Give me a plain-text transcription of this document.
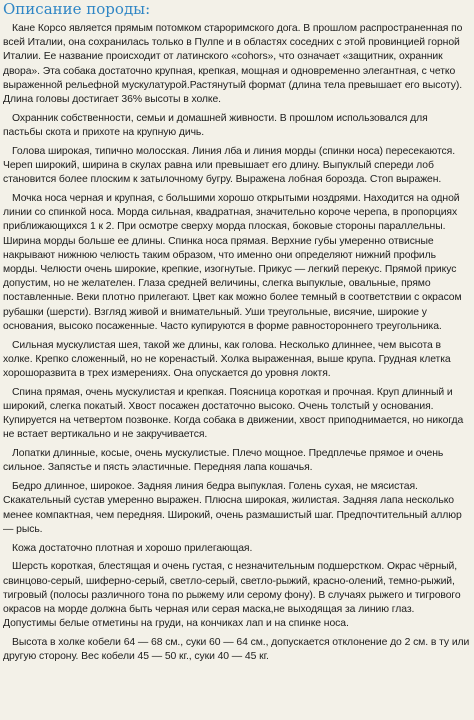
Описание породы:

Кане Корсо является прямым потомком староримского дога. В прошлом распространенная по всей Италии, она сохранилась только в Пулпе и в областях соседних с этой провинцией горной Италии. Ее название происходит от латинского «cohors», что означает «защитник, охранник двора». Эта собака достаточно крупная, крепкая, мощная и одновременно элегантная, с четко выраженной рельефной мускулатурой.Растянутый формат (длина тела превышает его высоту). Длина головы достигает 36% высоты в холке.

Охранник собственности, семьи и домашней живности. В прошлом использовался для пастьбы скота и прихоте на крупную дичь.

Голова широкая, типично молосская. Линия лба и линия морды (спинки носа) пересекаются. Череп широкий, ширина в скулах равна или превышает его длину. Выпуклый спереди лоб становится более плоским к затылочному бугру. Выражена лобная борозда. Стоп выражен.

Мочка носа черная и крупная, с большими хорошо открытыми ноздрями. Находится на одной линии со спинкой носа. Морда сильная, квадратная, значительно короче черепа, в пропорциях приближающихся 1 к 2. При осмотре сверху морда плоская, боковые стороны параллельны. Ширина морды больше ее длины. Спинка носа прямая. Верхние губы умеренно отвисные накрывают нижнюю челюсть таким образом, что именно они определяют нижний профиль морды. Челюсти очень широкие, крепкие, изогнутые. Прикус — легкий перекус. Прямой прикус допустим, но не желателен. Глаза средней величины, слегка выпуклые, овальные, прямо поставленные. Веки плотно прилегают. Цвет как можно более темный в соответствии с окрасом рубашки (шерсти). Взгляд живой и внимательный. Уши треугольные, висячие, широкие у основания, высоко посаженные. Часто купируются в форме равностороннего треугольника.

Сильная мускулистая шея, такой же длины, как голова. Несколько длиннее, чем высота в холке. Крепко сложенный, но не коренастый. Холка выраженная, выше крупа. Грудная клетка хорошоразвита в трех измерениях. Она опускается до уровня локтя.

Спина прямая, очень мускулистая и крепкая. Поясница короткая и прочная. Круп длинный и широкий, слегка покатый. Хвост посажен достаточно высоко. Очень толстый у основания. Купируется на четвертом позвонке. Когда собака в движении, хвост приподнимается, но никогда не встает вертикально и не закручивается.

Лопатки длинные, косые, очень мускулистые. Плечо мощное. Предплечье прямое и очень сильное. Запястье и пясть эластичные. Передняя лапа кошачья.

Бедро длинное, широкое. Задняя линия бедра выпуклая. Голень сухая, не мясистая. Скакательный сустав умеренно выражен. Плюсна широкая, жилистая. Задняя лапа несколько менее компактная, чем передняя. Широкий, очень размашистый шаг. Предпочтительный аллюр — рысь.

Кожа достаточно плотная и хорошо прилегающая.

Шерсть короткая, блестящая и очень густая, с незначительным подшерстком. Окрас чёрный, свинцово-серый, шиферно-серый, светло-серый, светло-рыжий, красно-олений, темно-рыжий, тигровый (полосы различного тона по рыжему или серому фону). В случаях рыжего и тигрового окрасов на морде должна быть черная или серая маска,не выходящая за линию глаз. Допустимы белые отметины на груди, на кончиках лап и на спинке носа.

Высота в холке кобели 64 — 68 см., суки 60 — 64 см., допускается отклонение до 2 см. в ту или другую сторону. Вес кобели 45 — 50 кг., суки 40 — 45 кг.
